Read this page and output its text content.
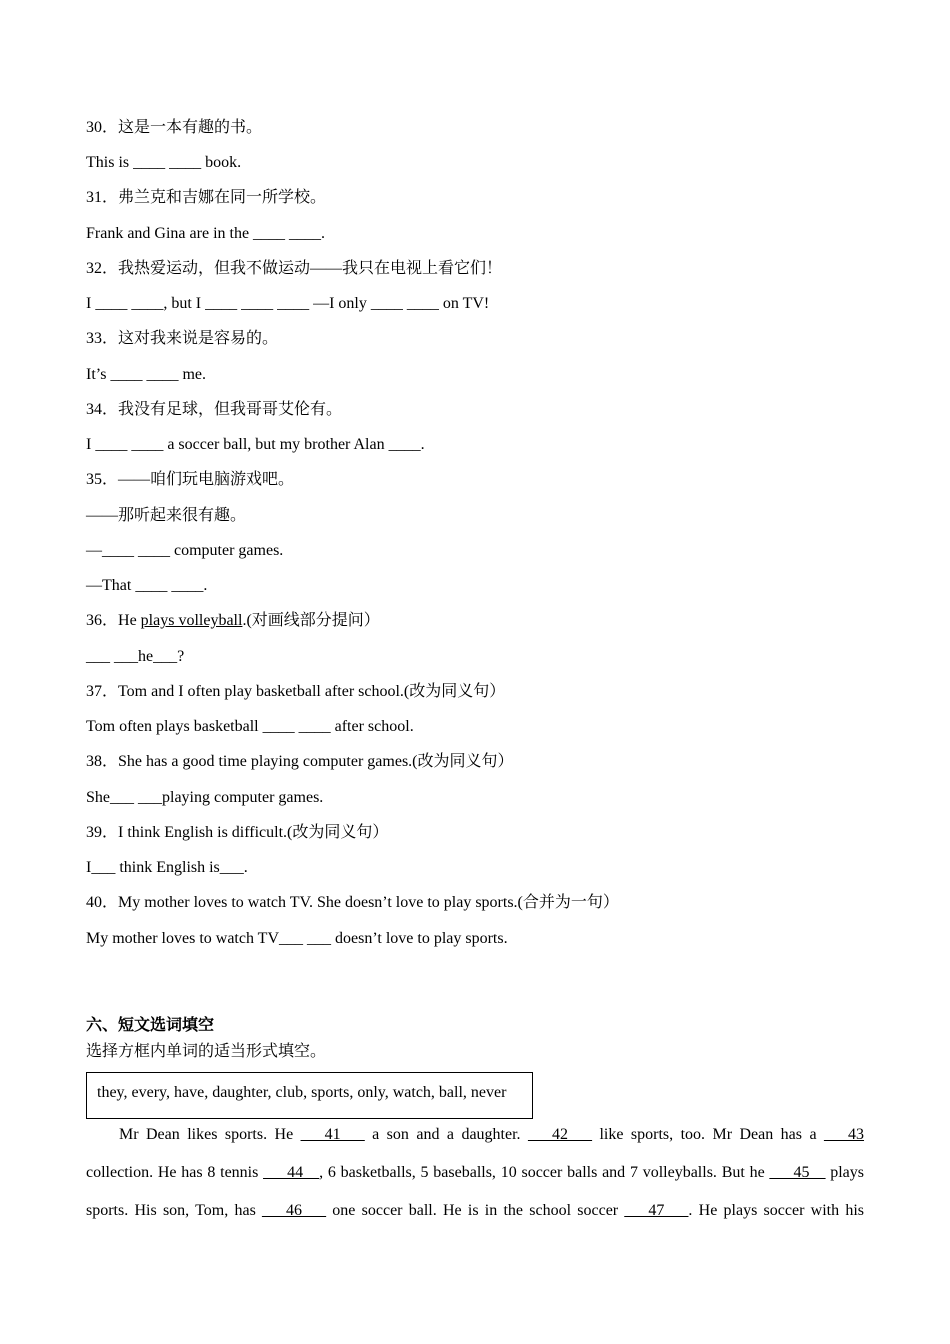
30．这是一本有趣的书。
This is ____ ____ book.
31．弗兰克和吉娜在同一所学校。
Frank and Gina are in the ____ ____.
32．我热爱运动，但我不做运动——我只在电视上看它们！
I ____ ____, but I ____ ____ ____ —I only ____ ____ on TV!
33．这对我来说是容易的。
It’s ____ ____ me.
34．我没有足球，但我哥哥艾伦有。
I ____ ____ a soccer ball, but my brother Alan ____.
35．——咱们玩电脑游戏吧。
——那听起来很有趣。
—____ ____ computer games.
—That ____ ____.
36．He plays volleyball.(对画线部分提问）
___ ___he___?
37．Tom and I often play basketball after school.(改为同义句）
Tom often plays basketball ____ ____ after school.
38．She has a good time playing computer games.(改为同义句）
She___ ___playing computer games.
39．I think English is difficult.(改为同义句）
I___ think English is___.
40．My mother loves to watch TV. She doesn’t love to play sports.(合并为一句）
My mother loves to watch TV___ ___ doesn’t love to play sports.
六、短文选词填空
选择方框内单词的适当形式填空。
they, every, have, daughter, club, sports, only, watch, ball, never
Mr Dean likes sports. He ___41___ a son and a daughter. ___42___ like sports, too. Mr Dean has a ___43
collection. He has 8 tennis ___44__, 6 basketballs, 5 baseballs, 10 soccer balls and 7 volleyballs. But he ___45__ plays
sports. His son, Tom, has ___46___ one soccer ball. He is in the school soccer ___47___. He plays soccer with his
